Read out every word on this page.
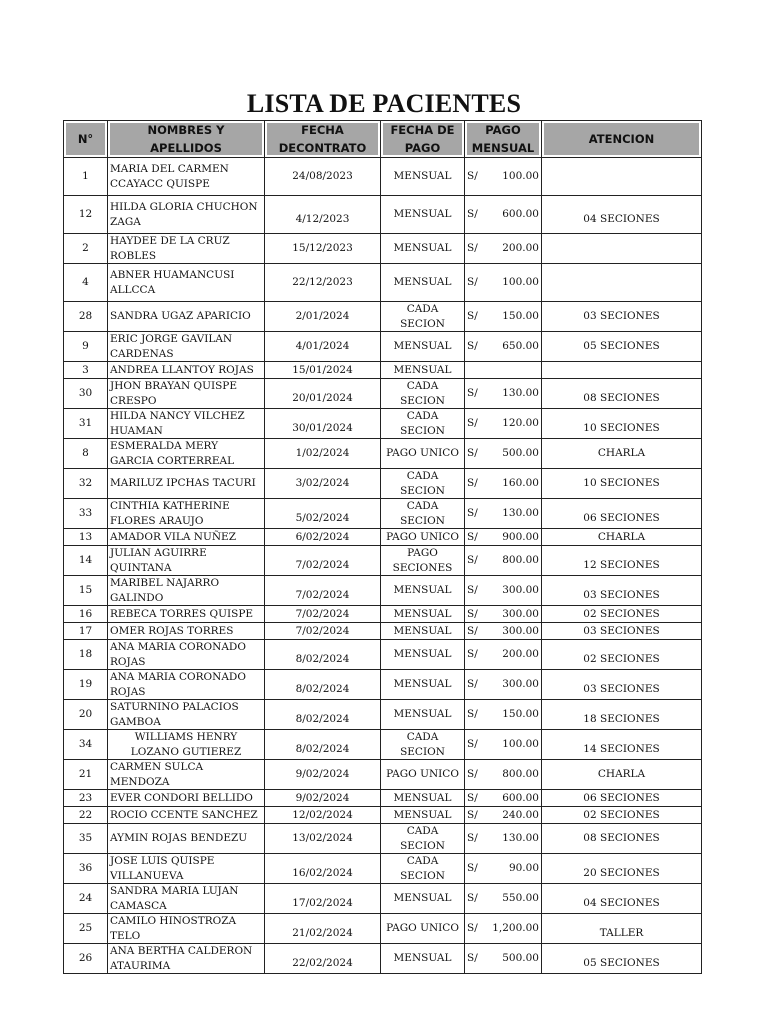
LISTA DE PACIENTES
N°	NOMBRES Y APELLIDOS	FECHA DECONTRATO	FECHA DE PAGO	PAGO MENSUAL	ATENCION
1	MARIA DEL CARMEN CCAYACC QUISPE	24/08/2023	MENSUAL	S/ 100.00	

12	HILDA GLORIA CHUCHON ZAGA	4/12/2023	MENSUAL	S/ 600.00	04 SECIONES

2	HAYDEE DE LA CRUZ ROBLES	15/12/2023	MENSUAL	S/ 200.00	

4	ABNER HUAMANCUSI ALLCCA	22/12/2023	MENSUAL	S/ 100.00	

28	SANDRA UGAZ APARICIO	2/01/2024	CADA SECION	S/ 150.00	03 SECIONES
9	ERIC JORGE GAVILAN CARDENAS	4/01/2024	MENSUAL	S/ 650.00	05 SECIONES
3	ANDREA LLANTOY ROJAS	15/01/2024	MENSUAL		
30	JHON BRAYAN QUISPE CRESPO	20/01/2024	CADA SECION	S/ 130.00	08 SECIONES

31	HILDA NANCY VILCHEZ HUAMAN	30/01/2024	CADA SECION	S/ 120.00	10 SECIONES

8	ESMERALDA MERY GARCIA CORTERREAL	1/02/2024	PAGO UNICO	S/ 500.00	CHARLA
32	MARILUZ IPCHAS TACURI	3/02/2024	CADA SECION	S/ 160.00	10 SECIONES
33	CINTHIA KATHERINE FLORES ARAUJO	5/02/2024	CADA SECION	S/ 130.00	06 SECIONES

13	AMADOR VILA NUÑEZ	6/02/2024	PAGO UNICO	S/ 900.00	CHARLA
14	JULIAN AGUIRRE QUINTANA	7/02/2024	PAGO SECIONES	S/ 800.00	12 SECIONES

15	MARIBEL NAJARRO GALINDO	7/02/2024	MENSUAL	S/ 300.00	03 SECIONES

16	REBECA TORRES QUISPE	7/02/2024	MENSUAL	S/ 300.00	02 SECIONES
17	OMER ROJAS TORRES	7/02/2024	MENSUAL	S/ 300.00	03 SECIONES
18	ANA MARIA CORONADO ROJAS	8/02/2024	MENSUAL	S/ 200.00	02 SECIONES

19	ANA MARIA CORONADO ROJAS	8/02/2024	MENSUAL	S/ 300.00	03 SECIONES

20	SATURNINO PALACIOS GAMBOA	8/02/2024	MENSUAL	S/ 150.00	18 SECIONES

34	WILLIAMS HENRY LOZANO GUTIEREZ	8/02/2024	CADA SECION	S/ 100.00	14 SECIONES

21	CARMEN SULCA MENDOZA	9/02/2024	PAGO UNICO	S/ 800.00	CHARLA
23	EVER CONDORI BELLIDO	9/02/2024	MENSUAL	S/ 600.00	06 SECIONES
22	ROCIO CCENTE SANCHEZ	12/02/2024	MENSUAL	S/ 240.00	02 SECIONES
35	AYMIN ROJAS BENDEZU	13/02/2024	CADA SECION	S/ 130.00	08 SECIONES
36	JOSE LUIS QUISPE VILLANUEVA	16/02/2024	CADA SECION	S/ 90.00	20 SECIONES

24	SANDRA MARIA LUJAN CAMASCA	17/02/2024	MENSUAL	S/ 550.00	04 SECIONES

25	CAMILO HINOSTROZA TELO	21/02/2024	PAGO UNICO	S/ 1,200.00	TALLER

26	ANA BERTHA CALDERON ATAURIMA	22/02/2024	MENSUAL	S/ 500.00	05 SECIONES
